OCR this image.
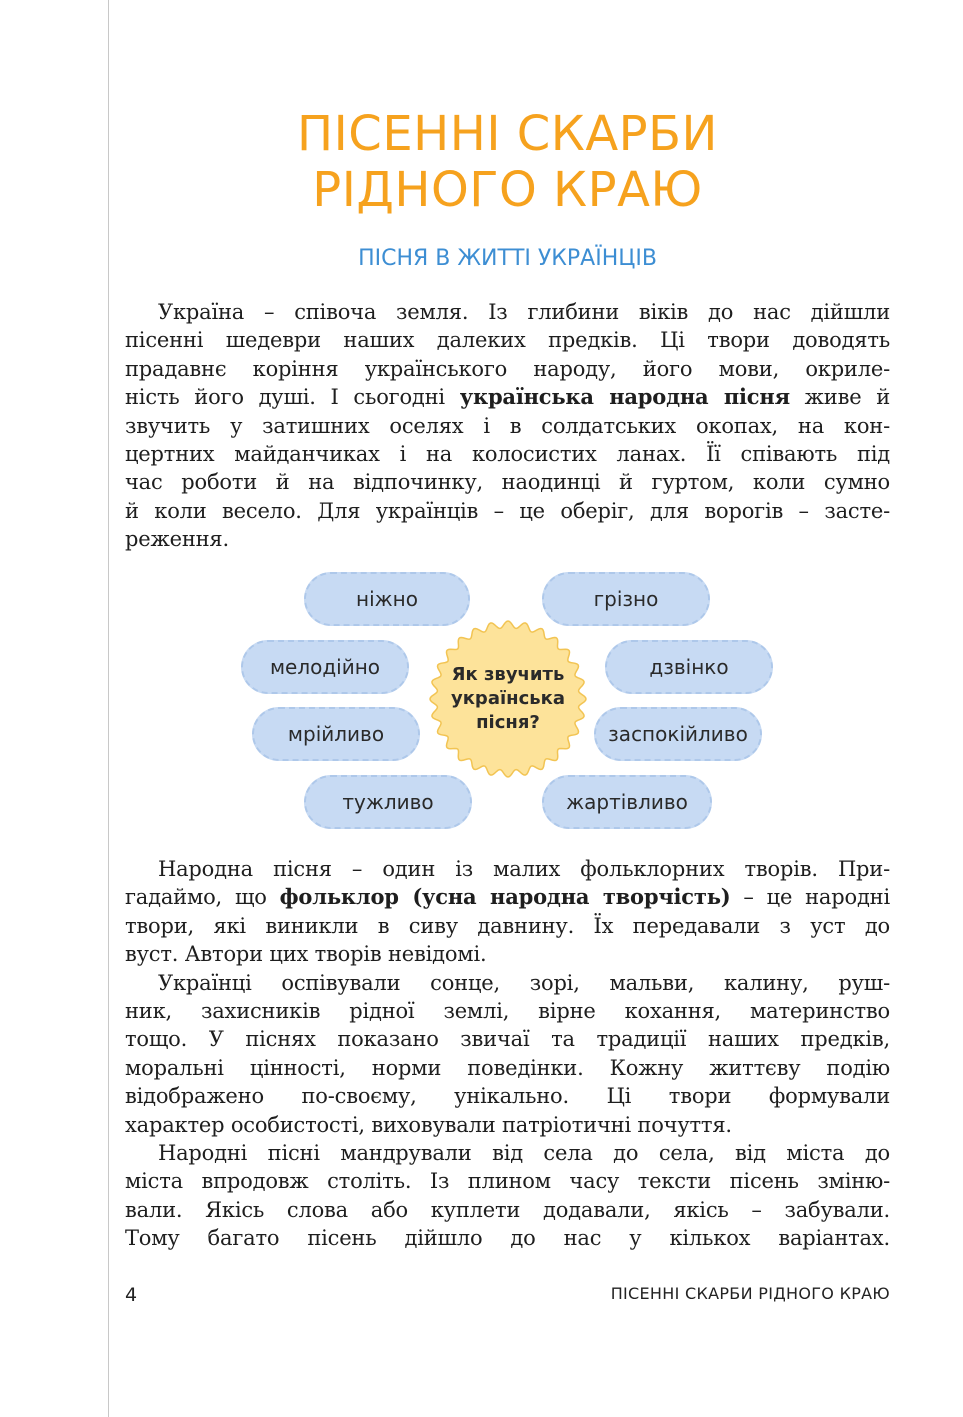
ПІСЕННІ СКАРБИ
РІДНОГО КРАЮ
ПІСНЯ В ЖИТТІ УКРАЇНЦІВ

Україна – співоча земля. Із глибини віків до нас дійшли
пісенні шедеври наших далеких предків. Ці твори доводять
прадавнє коріння українського народу, його мови, окриле-
ність його душі. І сьогодні українська народна пісня живе й
звучить у затишних оселях і в солдатських окопах, на кон-
цертних майданчиках і на колосистих ланах. Її співають під
час роботи й на відпочинку, наодинці й гуртом, коли сумно
й коли весело. Для українців – це оберіг, для ворогів – засте-
реження.

ніжно	грізно
мелодійно	дзвінко
мрійливо	заспокійливо
тужливо	жартівливо
Як звучить
українська
пісня?

Народна пісня – один із малих фольклорних творів. При-
гадаймо, що фольклор (усна народна творчість) – це народні
твори, які виникли в сиву давнину. Їх передавали з уст до
вуст. Автори цих творів невідомі.
Українці оспівували сонце, зорі, мальви, калину, руш-
ник, захисників рідної землі, вірне кохання, материнство
тощо. У піснях показано звичаї та традиції наших предків,
моральні цінності, норми поведінки. Кожну життєву подію
відображено по-своєму, унікально. Ці твори формували
характер особистості, виховували патріотичні почуття.
Народні пісні мандрували від села до села, від міста до
міста впродовж століть. Із плином часу тексти пісень зміню-
вали. Якісь слова або куплети додавали, якісь – забували.
Тому багато пісень дійшло до нас у кількох варіантах.

4	ПІСЕННІ СКАРБИ РІДНОГО КРАЮ
